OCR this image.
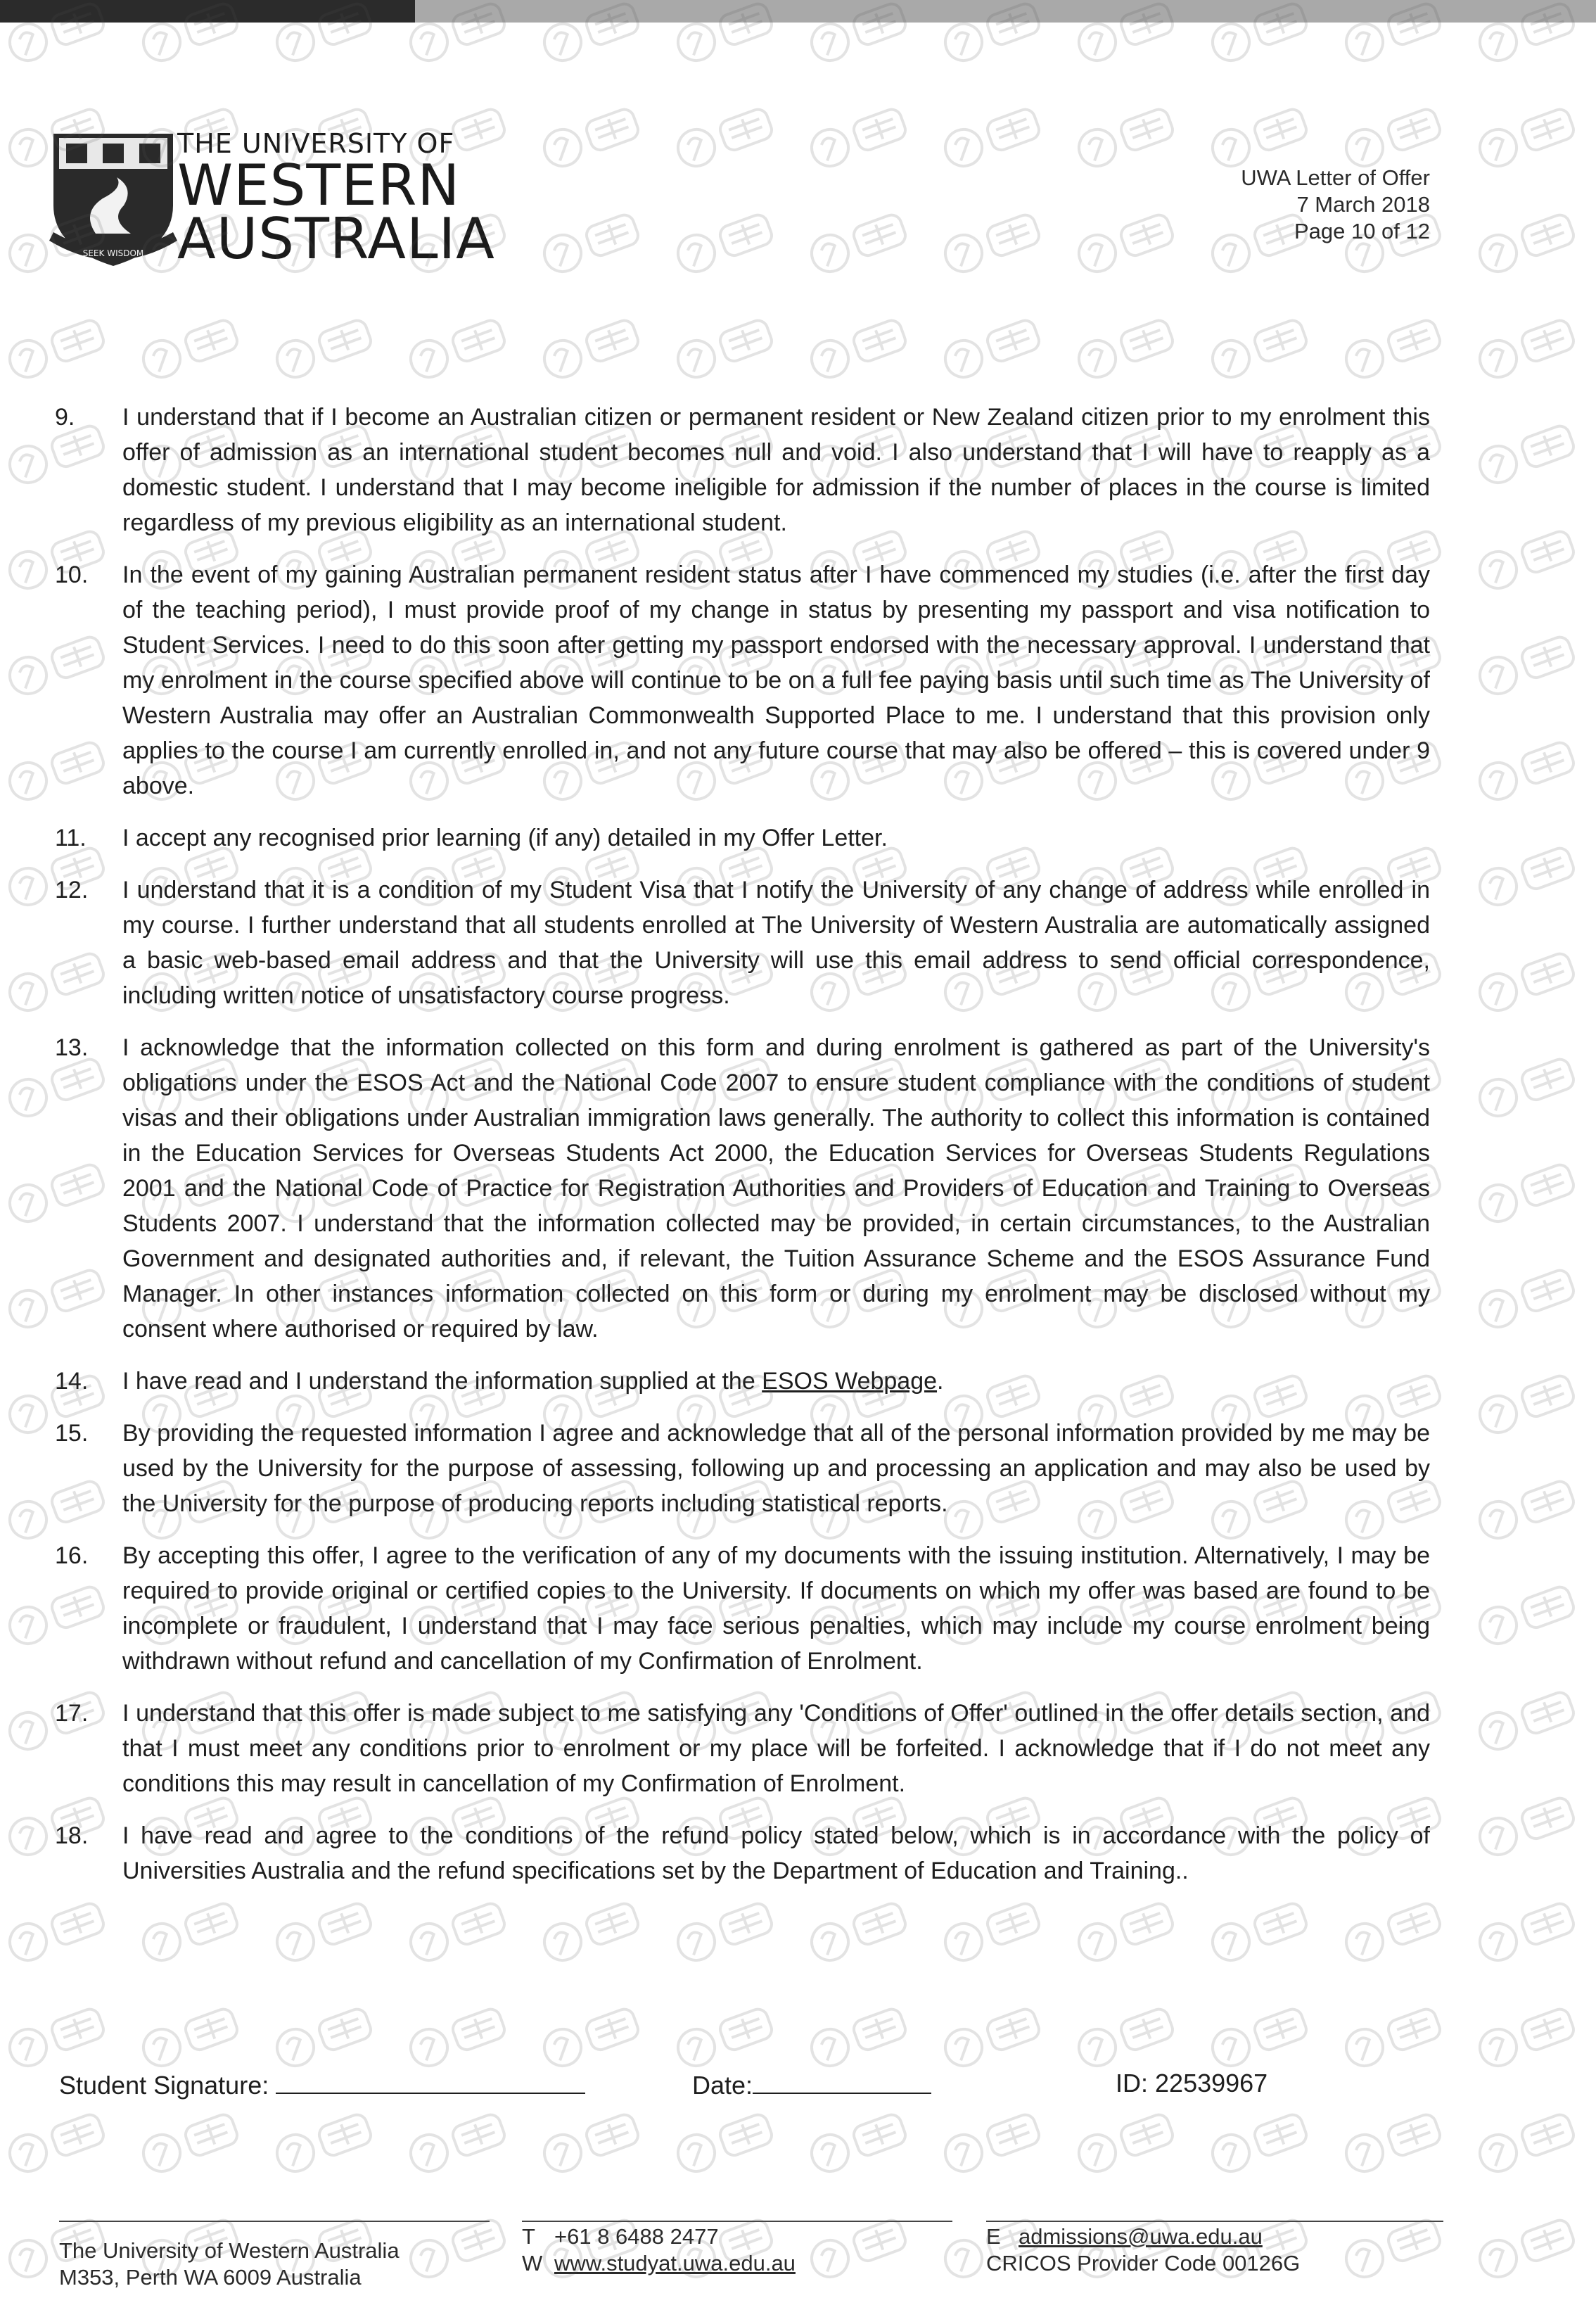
SEEK WISDOM
THE UNIVERSITY OF
WESTERN
AUSTRALIA
UWA Letter of Offer
7 March 2018
Page 10 of 12
9. I understand that if I become an Australian citizen or permanent resident or New Zealand citizen prior to my enrolment this offer of admission as an international student becomes null and void. I also understand that I will have to reapply as a domestic student. I understand that I may become ineligible for admission if the number of places in the course is limited regardless of my previous eligibility as an international student.
10. In the event of my gaining Australian permanent resident status after I have commenced my studies (i.e. after the first day of the teaching period), I must provide proof of my change in status by presenting my passport and visa notification to Student Services. I need to do this soon after getting my passport endorsed with the necessary approval. I understand that my enrolment in the course specified above will continue to be on a full fee paying basis until such time as The University of Western Australia may offer an Australian Commonwealth Supported Place to me. I understand that this provision only applies to the course I am currently enrolled in, and not any future course that may also be offered – this is covered under 9 above.
11. I accept any recognised prior learning (if any) detailed in my Offer Letter.
12. I understand that it is a condition of my Student Visa that I notify the University of any change of address while enrolled in my course. I further understand that all students enrolled at The University of Western Australia are automatically assigned a basic web-based email address and that the University will use this email address to send official correspondence, including written notice of unsatisfactory course progress.
13. I acknowledge that the information collected on this form and during enrolment is gathered as part of the University's obligations under the ESOS Act and the National Code 2007 to ensure student compliance with the conditions of student visas and their obligations under Australian immigration laws generally. The authority to collect this information is contained in the Education Services for Overseas Students Act 2000, the Education Services for Overseas Students Regulations 2001 and the National Code of Practice for Registration Authorities and Providers of Education and Training to Overseas Students 2007. I understand that the information collected may be provided, in certain circumstances, to the Australian Government and designated authorities and, if relevant, the Tuition Assurance Scheme and the ESOS Assurance Fund Manager. In other instances information collected on this form or during my enrolment may be disclosed without my consent where authorised or required by law.
14. I have read and I understand the information supplied at the ESOS Webpage.
15. By providing the requested information I agree and acknowledge that all of the personal information provided by me may be used by the University for the purpose of assessing, following up and processing an application and may also be used by the University for the purpose of producing reports including statistical reports.
16. By accepting this offer, I agree to the verification of any of my documents with the issuing institution. Alternatively, I may be required to provide original or certified copies to the University. If documents on which my offer was based are found to be incomplete or fraudulent, I understand that I may face serious penalties, which may include my course enrolment being withdrawn without refund and cancellation of my Confirmation of Enrolment.
17. I understand that this offer is made subject to me satisfying any 'Conditions of Offer' outlined in the offer details section, and that I must meet any conditions prior to enrolment or my place will be forfeited. I acknowledge that if I do not meet any conditions this may result in cancellation of my Confirmation of Enrolment.
18. I have read and agree to the conditions of the refund policy stated below, which is in accordance with the policy of Universities Australia and the refund specifications set by the Department of Education and Training..
Student Signature:	Date:	ID: 22539967
The University of Western Australia
M353, Perth WA 6009 Australia
T +61 8 6488 2477
W www.studyat.uwa.edu.au
E admissions@uwa.edu.au
CRICOS Provider Code 00126G
